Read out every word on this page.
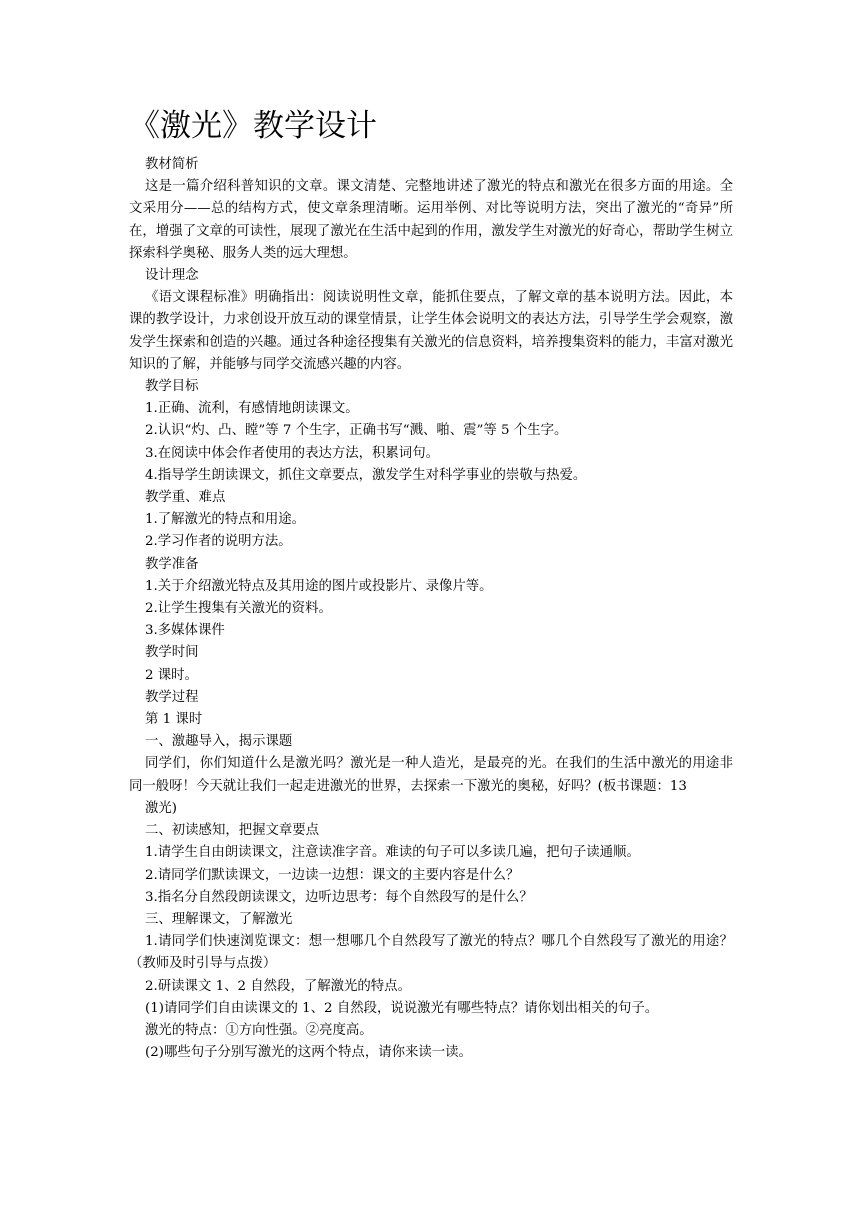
《激光》教学设计
教材简析
这是一篇介绍科普知识的文章。课文清楚、完整地讲述了激光的特点和激光在很多方面的用途。全文采用分——总的结构方式，使文章条理清晰。运用举例、对比等说明方法，突出了激光的“奇异”所在，增强了文章的可读性，展现了激光在生活中起到的作用，激发学生对激光的好奇心，帮助学生树立探索科学奥秘、服务人类的远大理想。
设计理念
《语文课程标准》明确指出：阅读说明性文章，能抓住要点，了解文章的基本说明方法。因此，本课的教学设计，力求创设开放互动的课堂情景，让学生体会说明文的表达方法，引导学生学会观察，激发学生探索和创造的兴趣。通过各种途径搜集有关激光的信息资料，培养搜集资料的能力，丰富对激光知识的了解，并能够与同学交流感兴趣的内容。
教学目标
1.正确、流利，有感情地朗读课文。
2.认识“灼、凸、瞠”等 7 个生字，正确书写“溅、啪、震”等 5 个生字。
3.在阅读中体会作者使用的表达方法，积累词句。
4.指导学生朗读课文，抓住文章要点，激发学生对科学事业的崇敬与热爱。
教学重、难点
1.了解激光的特点和用途。
2.学习作者的说明方法。
教学准备
1.关于介绍激光特点及其用途的图片或投影片、录像片等。
2.让学生搜集有关激光的资料。
3.多媒体课件
教学时间
2 课时。
教学过程
第 1 课时
一、激趣导入，揭示课题
同学们，你们知道什么是激光吗？激光是一种人造光，是最亮的光。在我们的生活中激光的用途非同一般呀！今天就让我们一起走进激光的世界，去探索一下激光的奥秘，好吗？(板书课题：13
激光)
二、初读感知，把握文章要点
1.请学生自由朗读课文，注意读准字音。难读的句子可以多读几遍，把句子读通顺。
2.请同学们默读课文，一边读一边想：课文的主要内容是什么？
3.指名分自然段朗读课文，边听边思考：每个自然段写的是什么？
三、理解课文，了解激光
1.请同学们快速浏览课文：想一想哪几个自然段写了激光的特点？哪几个自然段写了激光的用途？（教师及时引导与点拨）
2.研读课文 1、2 自然段，了解激光的特点。
(1)请同学们自由读课文的 1、2 自然段，说说激光有哪些特点？请你划出相关的句子。
激光的特点：①方向性强。②亮度高。
(2)哪些句子分别写激光的这两个特点，请你来读一读。
